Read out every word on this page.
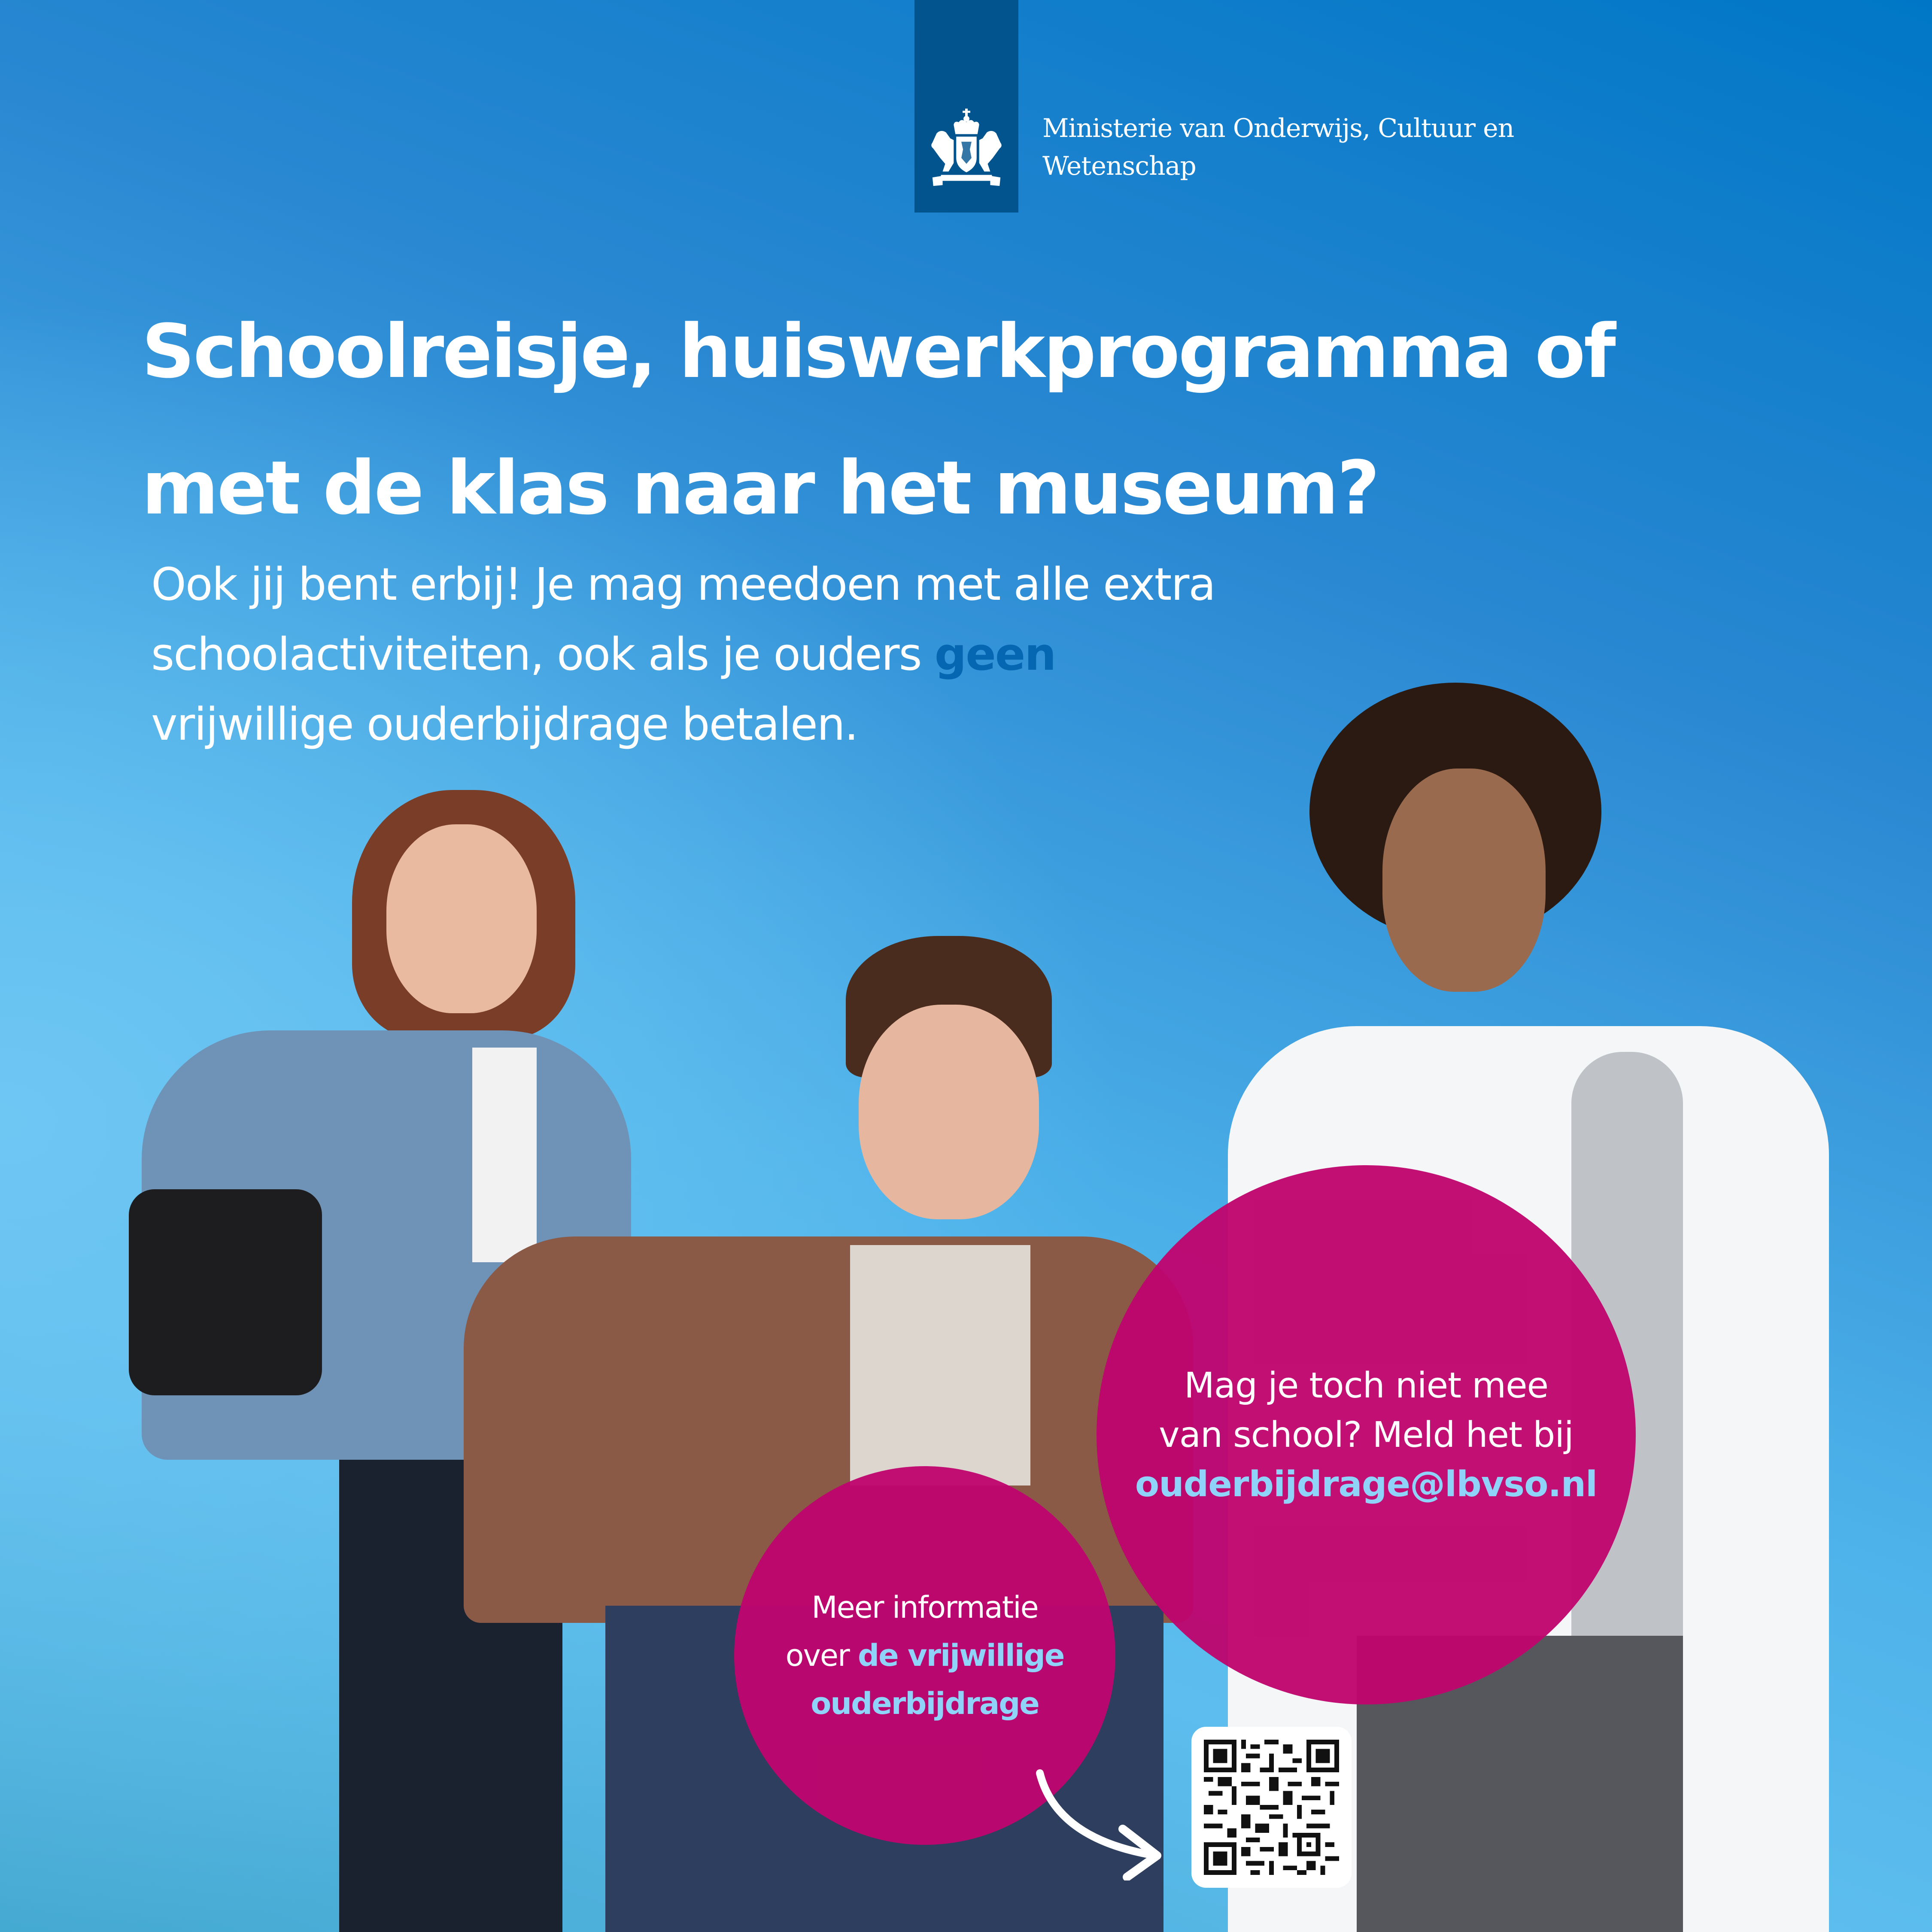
Ministerie van Onderwijs, Cultuur en
Wetenschap
Schoolreisje, huiswerkprogramma of
met de klas naar het museum?
Ook jij bent erbij! Je mag meedoen met alle extra
schoolactiviteiten, ook als je ouders geen
vrijwillige ouderbijdrage betalen.
Mag je toch niet mee
van school? Meld het bij
ouderbijdrage@lbvso.nl
Meer informatie
over de vrijwillige
ouderbijdrage
